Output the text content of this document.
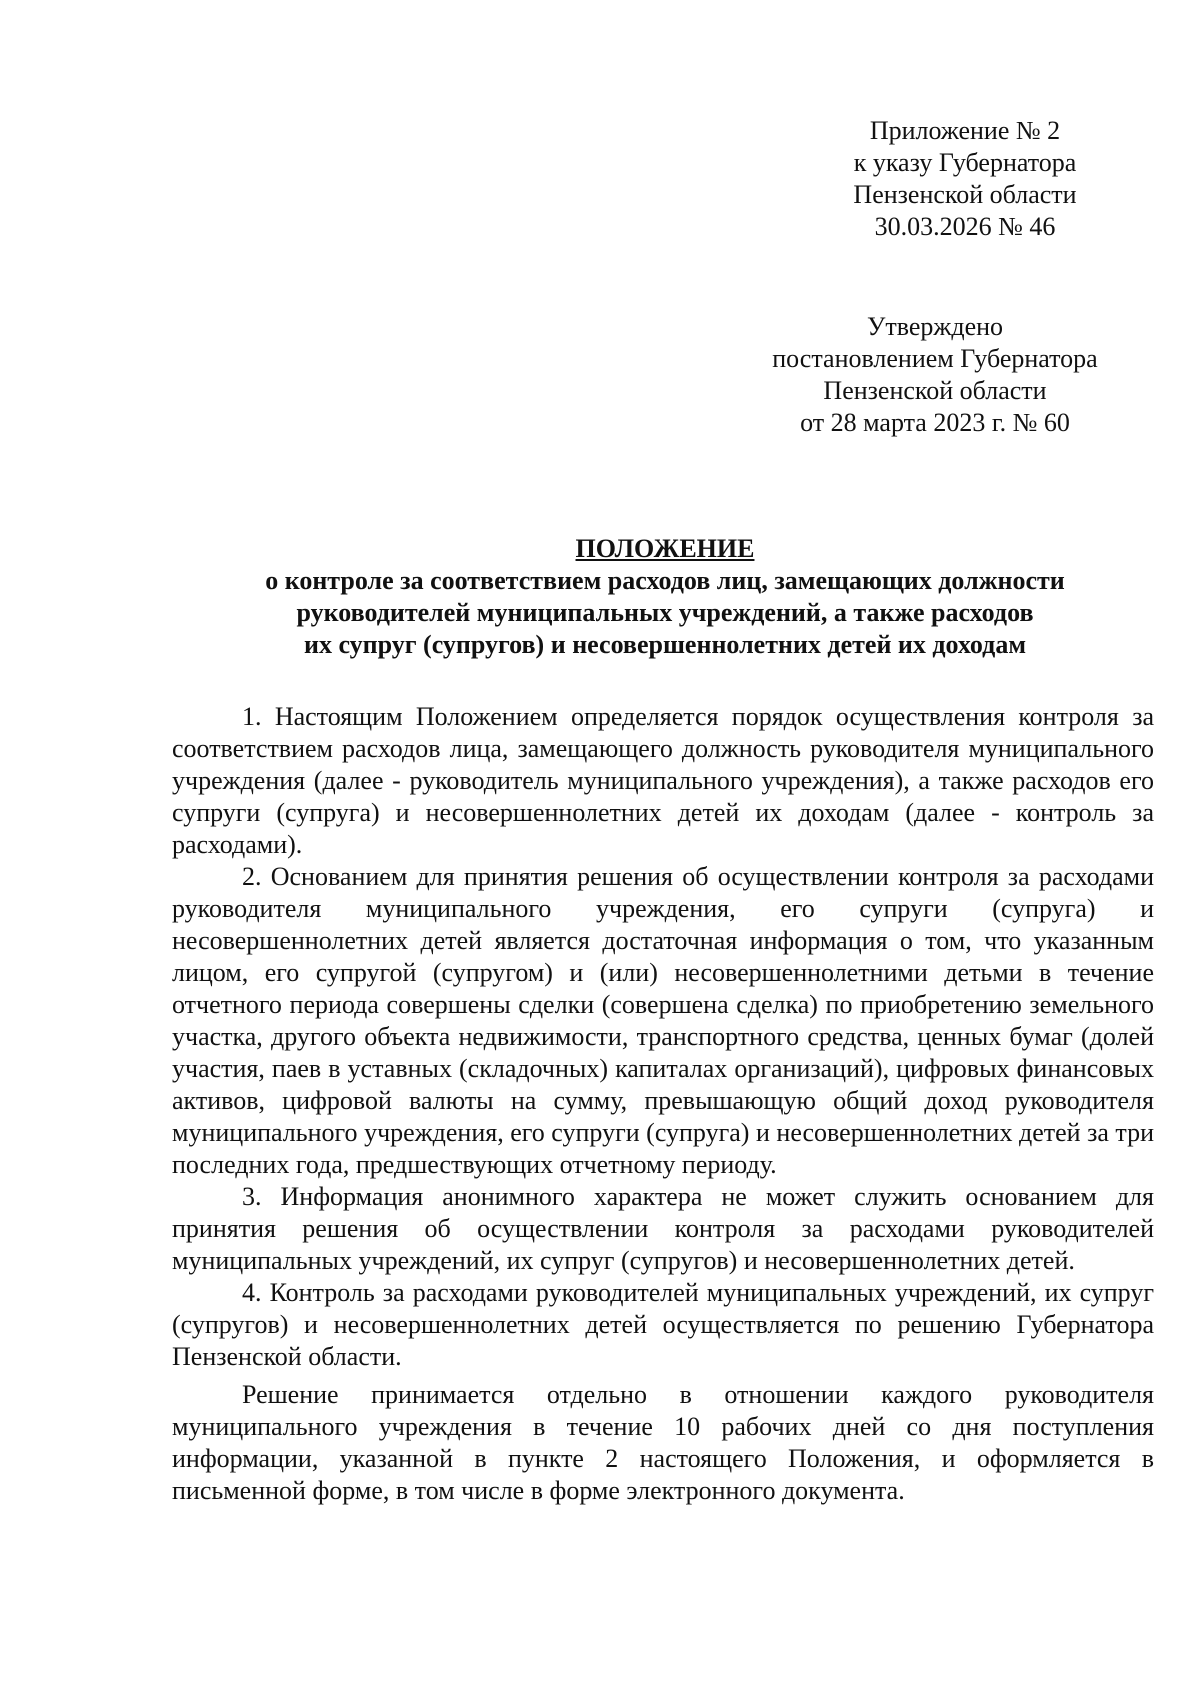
Приложение № 2
к указу Губернатора
Пензенской области
30.03.2026 № 46
Утверждено
постановлением Губернатора
Пензенской области
от 28 марта 2023 г. № 60
ПОЛОЖЕНИЕ
о контроле за соответствием расходов лиц, замещающих должности
руководителей муниципальных учреждений, а также расходов
их супруг (супругов) и несовершеннолетних детей их доходам

1. Настоящим Положением определяется порядок осуществления контроля за соответствием расходов лица, замещающего должность руководителя муниципального учреждения (далее - руководитель муниципального учреждения), а также расходов его супруги (супруга) и несовершеннолетних детей их доходам (далее - контроль за расходами).

2. Основанием для принятия решения об осуществлении контроля за расходами руководителя муниципального учреждения, его супруги (супруга) и несовершеннолетних детей является достаточная информация о том, что указанным лицом, его супругой (супругом) и (или) несовершеннолетними детьми в течение отчетного периода совершены сделки (совершена сделка) по приобретению земельного участка, другого объекта недвижимости, транспортного средства, ценных бумаг (долей участия, паев в уставных (складочных) капиталах организаций), цифровых финансовых активов, цифровой валюты на сумму, превышающую общий доход руководителя муниципального учреждения, его супруги (супруга) и несовершеннолетних детей за три последних года, предшествующих отчетному периоду.

3. Информация анонимного характера не может служить основанием для принятия решения об осуществлении контроля за расходами руководителей муниципальных учреждений, их супруг (супругов) и несовершеннолетних детей.

4. Контроль за расходами руководителей муниципальных учреждений, их супруг (супругов) и несовершеннолетних детей осуществляется по решению Губернатора Пензенской области.

Решение принимается отдельно в отношении каждого руководителя муниципального учреждения в течение 10 рабочих дней со дня поступления информации, указанной в пункте 2 настоящего Положения, и оформляется в письменной форме, в том числе в форме электронного документа.
